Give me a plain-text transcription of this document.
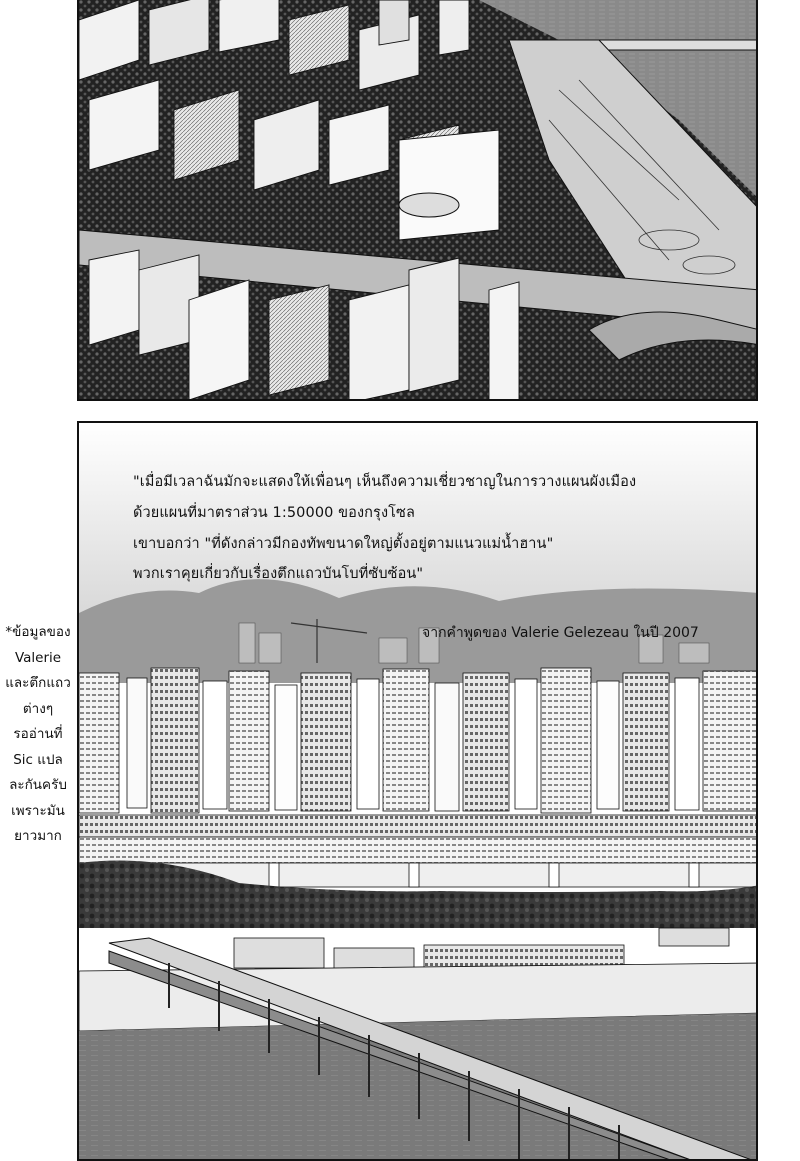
"เมื่อมีเวลาฉันมักจะแสดงให้เพื่อนๆ เห็นถึงความเชี่ยวชาญในการวางแผนผังเมือง
ด้วยแผนที่มาตราส่วน 1:50000 ของกรุงโซล
เขาบอกว่า "ที่ดังกล่าวมีกองทัพขนาดใหญ่ตั้งอยู่ตามแนวแม่น้ำฮาน"
พวกเราคุยเกี่ยวกับเรื่องตึกแถวบันโบที่ซับซ้อน"
จากคำพูดของ Valerie Gelezeau ในปี 2007
*ข้อมูลของ
Valerie
และตึกแถว
ต่างๆ
รออ่านที่
Sic แปล
ละกันครับ
เพราะมัน
ยาวมาก
